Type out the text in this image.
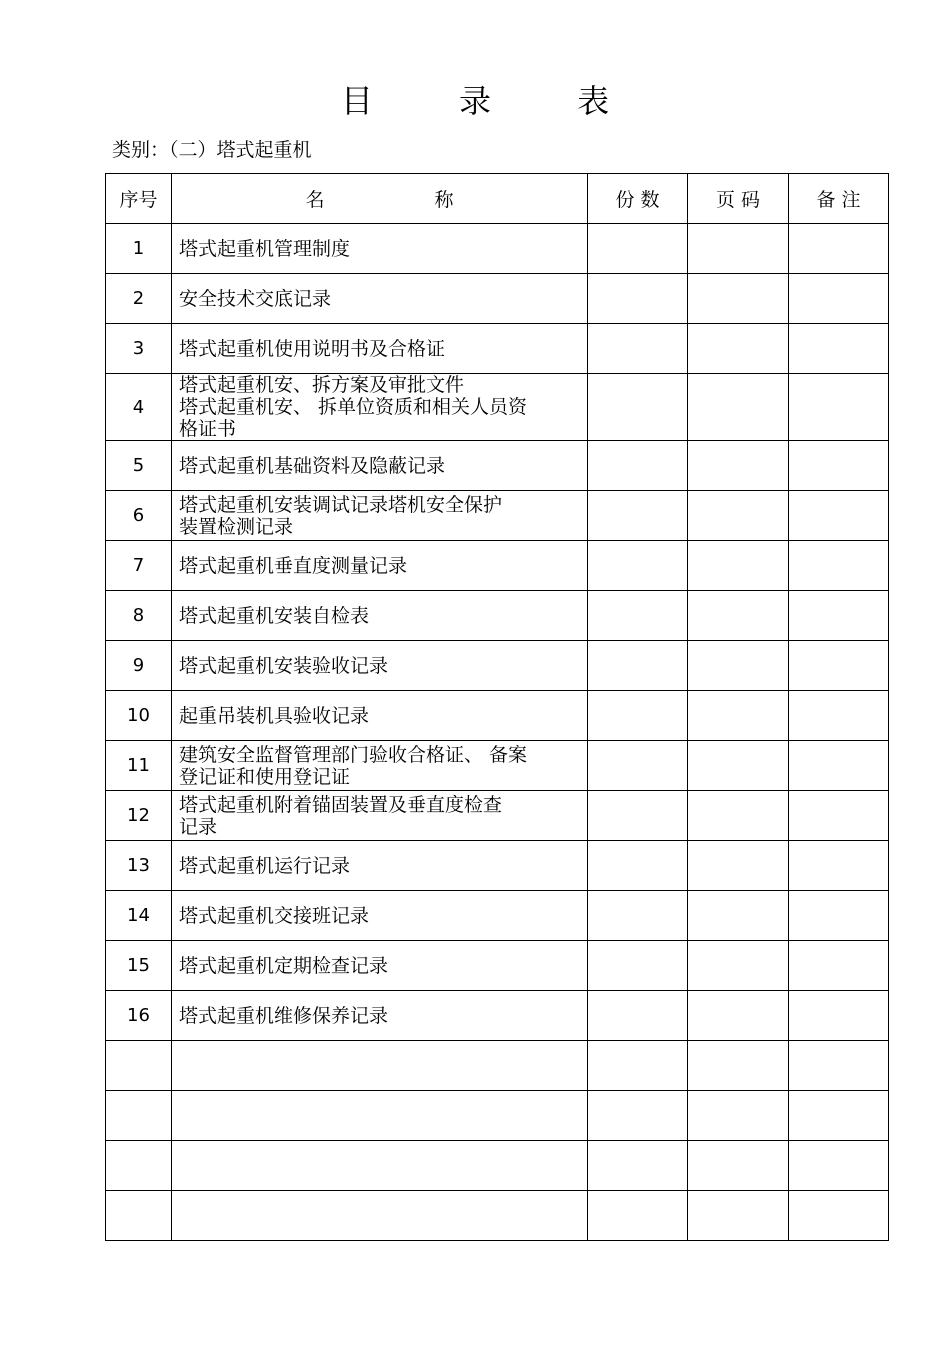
目 录 表
类别：（二）塔式起重机
序号	名 称	份 数	页 码	备 注
1	塔式起重机管理制度			

2	安全技术交底记录			

3	塔式起重机使用说明书及合格证			

4	塔式起重机安、拆方案及审批文件
塔式起重机安、 拆单位资质和相关人员资
格证书			

5	塔式起重机基础资料及隐蔽记录			

6	塔式起重机安装调试记录塔机安全保护
装置检测记录			

7	塔式起重机垂直度测量记录			

8	塔式起重机安装自检表			

9	塔式起重机安装验收记录			

10	起重吊装机具验收记录			

11	建筑安全监督管理部门验收合格证、 备案
登记证和使用登记证			

12	塔式起重机附着锚固装置及垂直度检查
记录			

13	塔式起重机运行记录			

14	塔式起重机交接班记录			

15	塔式起重机定期检查记录			

16	塔式起重机维修保养记录			
